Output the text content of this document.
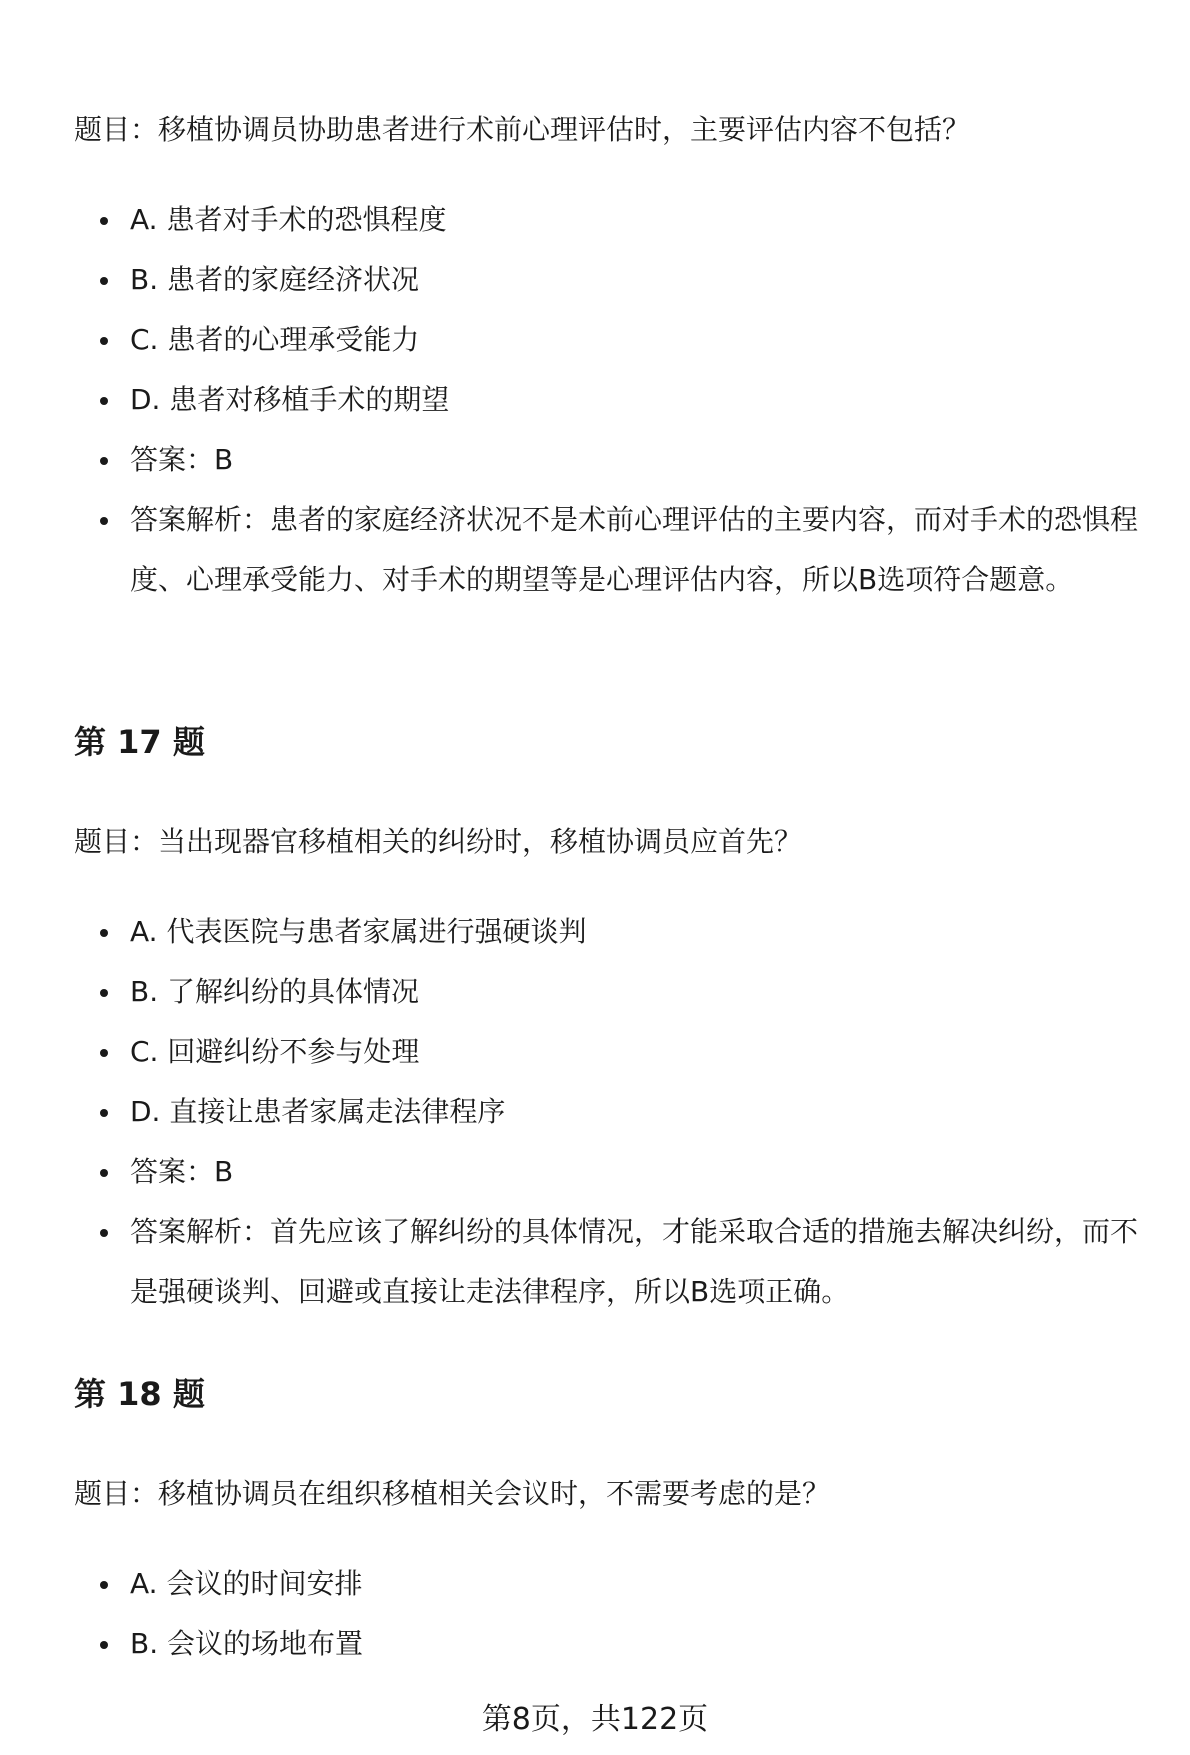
题目：移植协调员协助患者进行术前心理评估时，主要评估内容不包括？
A. 患者对手术的恐惧程度
B. 患者的家庭经济状况
C. 患者的心理承受能力
D. 患者对移植手术的期望
答案：B
答案解析：患者的家庭经济状况不是术前心理评估的主要内容，而对手术的恐惧程度、心理承受能力、对手术的期望等是心理评估内容，所以B选项符合题意。
第 17 题
题目：当出现器官移植相关的纠纷时，移植协调员应首先？
A. 代表医院与患者家属进行强硬谈判
B. 了解纠纷的具体情况
C. 回避纠纷不参与处理
D. 直接让患者家属走法律程序
答案：B
答案解析：首先应该了解纠纷的具体情况，才能采取合适的措施去解决纠纷，而不是强硬谈判、回避或直接让走法律程序，所以B选项正确。
第 18 题
题目：移植协调员在组织移植相关会议时，不需要考虑的是？
A. 会议的时间安排
B. 会议的场地布置
第8页，共122页
